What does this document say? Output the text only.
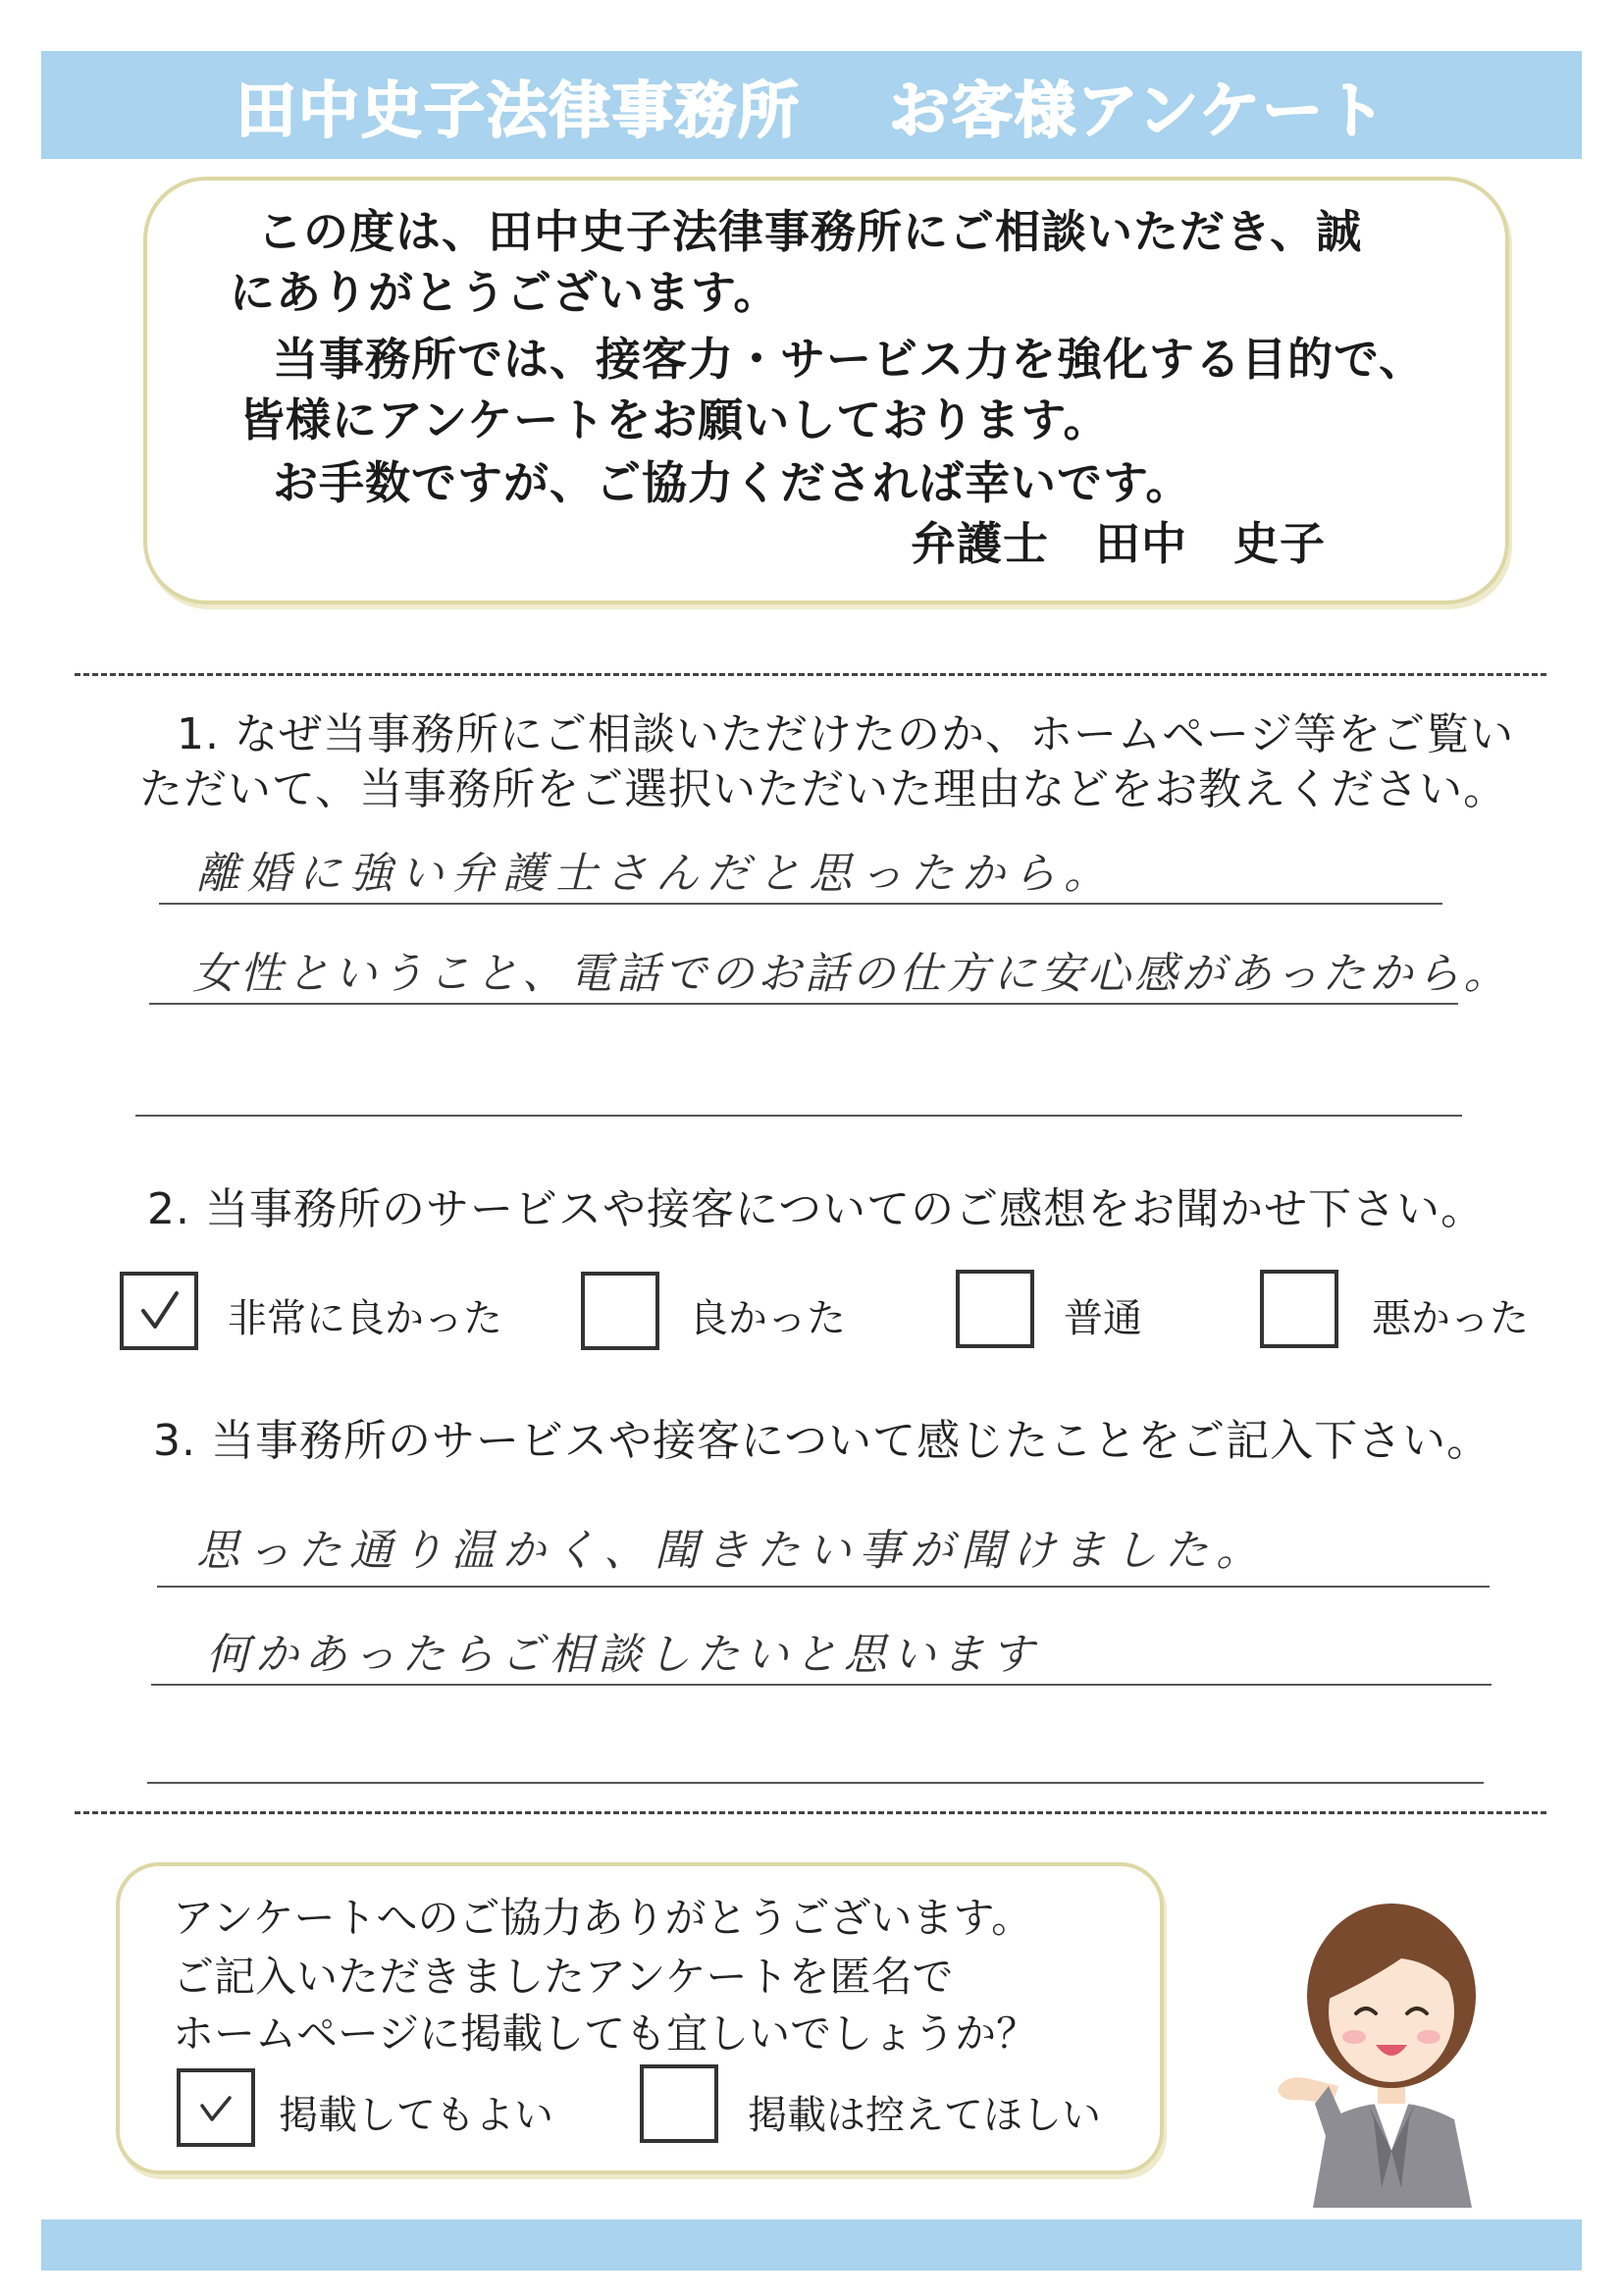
田中史子法律事務所 お客様アンケート
この度は、田中史子法律事務所にご相談いただき、誠
にありがとうございます。
当事務所では、接客力・サービス力を強化する目的で、
皆様にアンケートをお願いしております。
お手数ですが、ご協力くだされば幸いです。
弁護士　田中　史子
1. なぜ当事務所にご相談いただけたのか、ホームページ等をご覧い
ただいて、当事務所をご選択いただいた理由などをお教えください。
離婚に強い弁護士さんだと思ったから。
女性ということ、電話でのお話の仕方に安心感があったから。
2. 当事務所のサービスや接客についてのご感想をお聞かせ下さい。
非常に良かった	良かった	普通	悪かった
3. 当事務所のサービスや接客について感じたことをご記入下さい。
思った通り温かく、聞きたい事が聞けました。
何かあったらご相談したいと思います
アンケートへのご協力ありがとうございます。
ご記入いただきましたアンケートを匿名で
ホームページに掲載しても宜しいでしょうか？
掲載してもよい	掲載は控えてほしい
